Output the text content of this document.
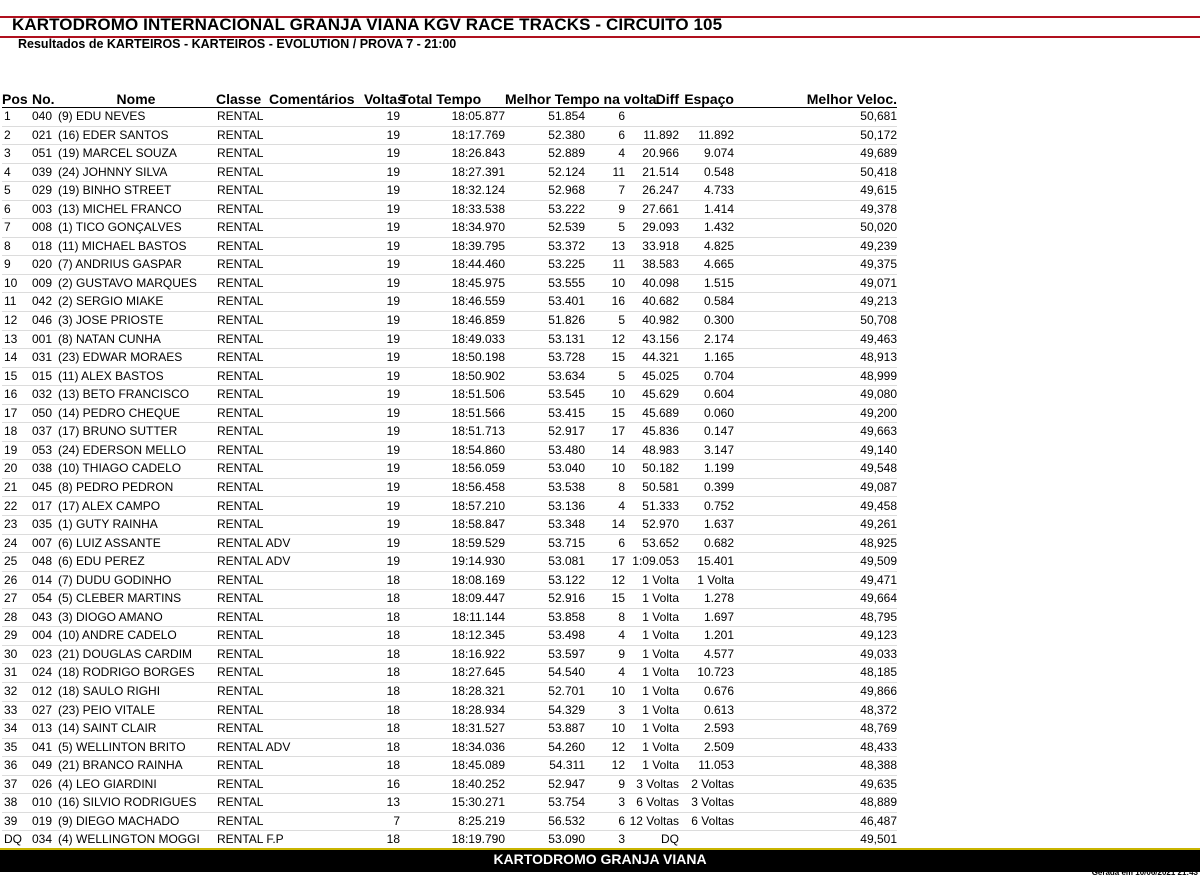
KARTODROMO INTERNACIONAL GRANJA VIANA KGV RACE TRACKS - CIRCUITO 105
Resultados de KARTEIROS - KARTEIROS - EVOLUTION / PROVA 7 - 21:00
Pos	No.	Nome	Classe	Comentários	Voltas	Total Tempo	Melhor Tempo na volta.		Diff	Espaço	Melhor Veloc.
1	040	(9) EDU NEVES	RENTAL		19	18:05.877	51.854	6			50,681
2	021	(16) EDER SANTOS	RENTAL		19	18:17.769	52.380	6	11.892	11.892	50,172
3	051	(19) MARCEL SOUZA	RENTAL		19	18:26.843	52.889	4	20.966	9.074	49,689
4	039	(24) JOHNNY SILVA	RENTAL		19	18:27.391	52.124	11	21.514	0.548	50,418
5	029	(19) BINHO STREET	RENTAL		19	18:32.124	52.968	7	26.247	4.733	49,615
6	003	(13) MICHEL FRANCO	RENTAL		19	18:33.538	53.222	9	27.661	1.414	49,378
7	008	(1) TICO GONÇALVES	RENTAL		19	18:34.970	52.539	5	29.093	1.432	50,020
8	018	(11) MICHAEL BASTOS	RENTAL		19	18:39.795	53.372	13	33.918	4.825	49,239
9	020	(7) ANDRIUS GASPAR	RENTAL		19	18:44.460	53.225	11	38.583	4.665	49,375
10	009	(2) GUSTAVO MARQUES	RENTAL		19	18:45.975	53.555	10	40.098	1.515	49,071
11	042	(2) SERGIO MIAKE	RENTAL		19	18:46.559	53.401	16	40.682	0.584	49,213
12	046	(3) JOSE PRIOSTE	RENTAL		19	18:46.859	51.826	5	40.982	0.300	50,708
13	001	(8) NATAN CUNHA	RENTAL		19	18:49.033	53.131	12	43.156	2.174	49,463
14	031	(23) EDWAR MORAES	RENTAL		19	18:50.198	53.728	15	44.321	1.165	48,913
15	015	(11) ALEX BASTOS	RENTAL		19	18:50.902	53.634	5	45.025	0.704	48,999
16	032	(13) BETO FRANCISCO	RENTAL		19	18:51.506	53.545	10	45.629	0.604	49,080
17	050	(14) PEDRO CHEQUE	RENTAL		19	18:51.566	53.415	15	45.689	0.060	49,200
18	037	(17) BRUNO SUTTER	RENTAL		19	18:51.713	52.917	17	45.836	0.147	49,663
19	053	(24) EDERSON MELLO	RENTAL		19	18:54.860	53.480	14	48.983	3.147	49,140
20	038	(10) THIAGO CADELO	RENTAL		19	18:56.059	53.040	10	50.182	1.199	49,548
21	045	(8) PEDRO PEDRON	RENTAL		19	18:56.458	53.538	8	50.581	0.399	49,087
22	017	(17) ALEX CAMPO	RENTAL		19	18:57.210	53.136	4	51.333	0.752	49,458
23	035	(1) GUTY RAINHA	RENTAL		19	18:58.847	53.348	14	52.970	1.637	49,261
24	007	(6) LUIZ ASSANTE	RENTAL ADV		19	18:59.529	53.715	6	53.652	0.682	48,925
25	048	(6) EDU PEREZ	RENTAL ADV		19	19:14.930	53.081	17	1:09.053	15.401	49,509
26	014	(7) DUDU GODINHO	RENTAL		18	18:08.169	53.122	12	1 Volta	1 Volta	49,471
27	054	(5) CLEBER MARTINS	RENTAL		18	18:09.447	52.916	15	1 Volta	1.278	49,664
28	043	(3) DIOGO AMANO	RENTAL		18	18:11.144	53.858	8	1 Volta	1.697	48,795
29	004	(10) ANDRE CADELO	RENTAL		18	18:12.345	53.498	4	1 Volta	1.201	49,123
30	023	(21) DOUGLAS CARDIM	RENTAL		18	18:16.922	53.597	9	1 Volta	4.577	49,033
31	024	(18) RODRIGO BORGES	RENTAL		18	18:27.645	54.540	4	1 Volta	10.723	48,185
32	012	(18) SAULO RIGHI	RENTAL		18	18:28.321	52.701	10	1 Volta	0.676	49,866
33	027	(23) PEIO VITALE	RENTAL		18	18:28.934	54.329	3	1 Volta	0.613	48,372
34	013	(14) SAINT CLAIR	RENTAL		18	18:31.527	53.887	10	1 Volta	2.593	48,769
35	041	(5) WELLINTON BRITO	RENTAL ADV		18	18:34.036	54.260	12	1 Volta	2.509	48,433
36	049	(21) BRANCO RAINHA	RENTAL		18	18:45.089	54.311	12	1 Volta	11.053	48,388
37	026	(4) LEO GIARDINI	RENTAL		16	18:40.252	52.947	9	3 Voltas	2 Voltas	49,635
38	010	(16) SILVIO RODRIGUES	RENTAL		13	15:30.271	53.754	3	6 Voltas	3 Voltas	48,889
39	019	(9) DIEGO MACHADO	RENTAL		7	8:25.219	56.532	6	12 Voltas	6 Voltas	46,487
DQ	034	(4) WELLINGTON MOGGI	RENTAL F.P		18	18:19.790	53.090	3	DQ		49,501
KARTODROMO GRANJA VIANA
Gerada em 10/06/2021 21:43
